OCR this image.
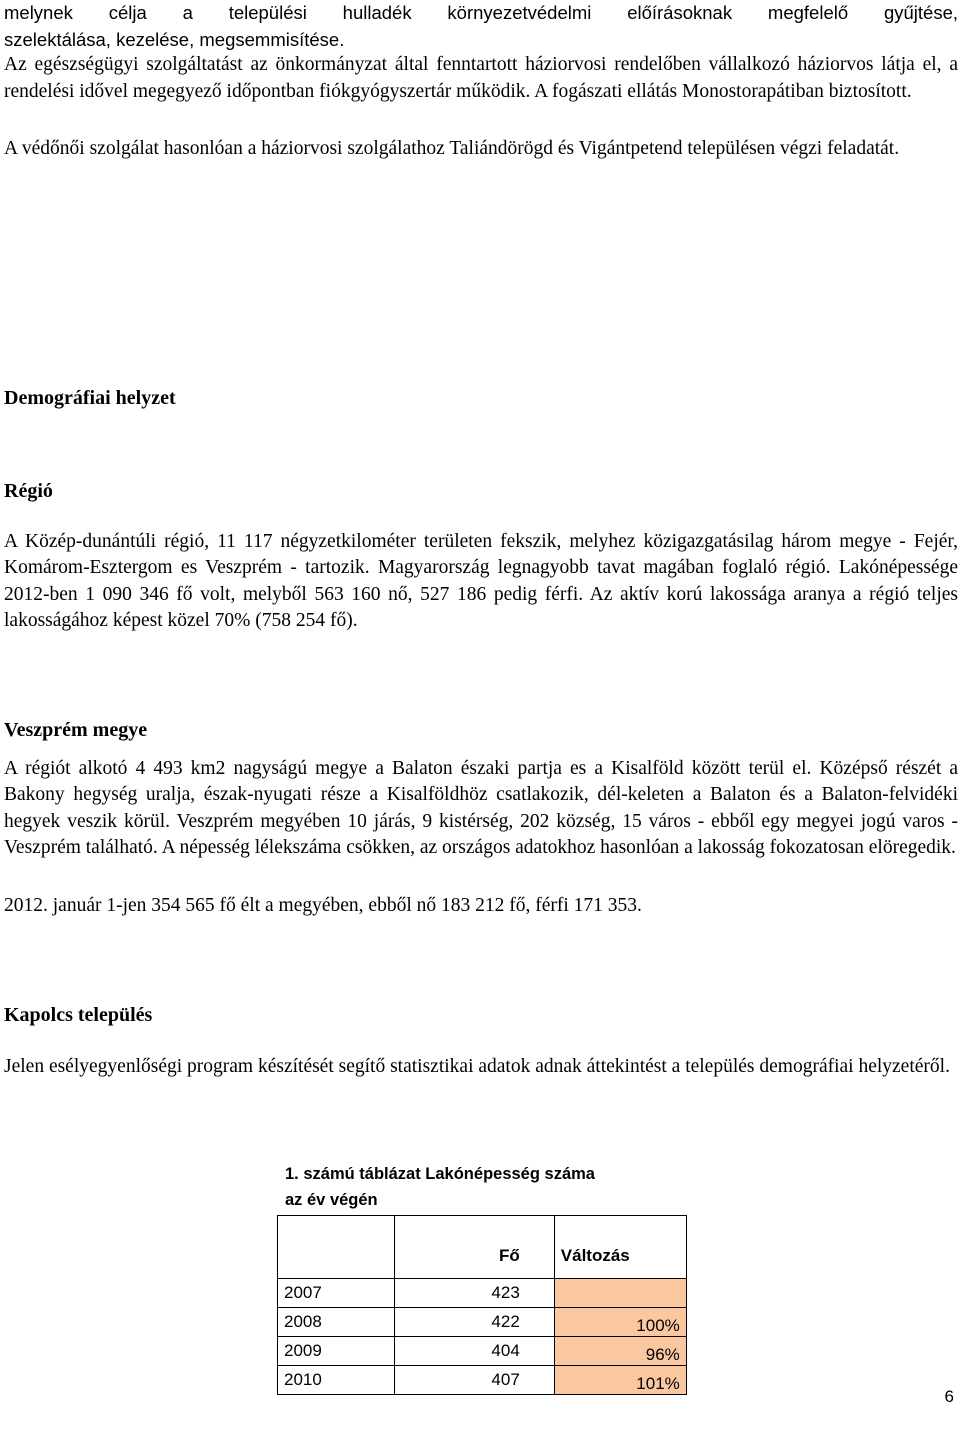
melynek célja a települési hulladék környezetvédelmi előírásoknak megfelelő gyűjtése,

szelektálása, kezelése, megsemmisítése.

Az egészségügyi szolgáltatást az önkormányzat által fenntartott háziorvosi rendelőben vállalkozó háziorvos látja el, a rendelési idővel megegyező időpontban fiókgyógyszertár működik. A fogászati ellátás Monostorapátiban biztosított.

A védőnői szolgálat hasonlóan a háziorvosi szolgálathoz Taliándörögd és Vigántpetend településen végzi feladatát.

Demográfiai helyzet
Régió

A Közép-dunántúli régió, 11 117 négyzetkilométer területen fekszik, melyhez közigazgatásilag három megye - Fejér, Komárom-Esztergom es Veszprém - tartozik. Magyarország legnagyobb tavat magában foglaló régió. Lakónépessége 2012-ben 1 090 346 fő volt, melyből 563 160 nő, 527 186 pedig férfi. Az aktív korú lakossága aranya a régió teljes lakosságához képest közel 70% (758 254 fő).

Veszprém megye

A régiót alkotó 4 493 km2 nagyságú megye a Balaton északi partja es a Kisalföld között terül el. Középső részét a Bakony hegység uralja, észak-nyugati része a Kisalföldhöz csatlakozik, dél-keleten a Balaton és a Balaton-felvidéki hegyek veszik körül. Veszprém megyében 10 járás, 9 kistérség, 202 község, 15 város - ebből egy megyei jogú varos - Veszprém található. A népesség lélekszáma csökken, az országos adatokhoz hasonlóan a lakosság fokozatosan elöregedik.

2012. január 1-jen 354 565 fő élt a megyében, ebből nő 183 212 fő, férfi 171 353.

Kapolcs település

Jelen esélyegyenlőségi program készítését segítő statisztikai adatok adnak áttekintést a település demográfiai helyzetéről.

1. számú táblázat Lakónépesség száma az év végén

	Fő	Változás
2007	423	
2008	422	100%
2009	404	96%
2010	407	101%
6
